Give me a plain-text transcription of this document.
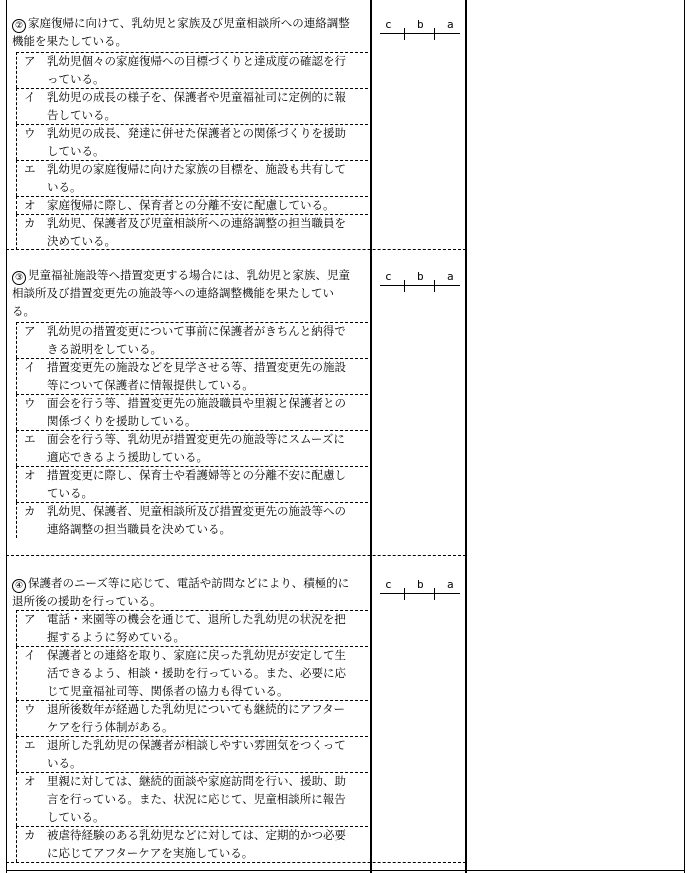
② 家庭復帰に向けて、乳幼児と家族及び児童相談所への連絡調整
機能を果たしている。
c b a
ア　乳幼児個々の家庭復帰への目標づくりと達成度の確認を行
　　っている。
イ　乳幼児の成長の様子を、保護者や児童福祉司に定例的に報
　　告している。
ウ　乳幼児の成長、発達に併せた保護者との関係づくりを援助
　　している。
エ　乳幼児の家庭復帰に向けた家族の目標を、施設も共有して
　　いる。
オ　家庭復帰に際し、保育者との分離不安に配慮している。
カ　乳幼児、保護者及び児童相談所への連絡調整の担当職員を
　　決めている。
③ 児童福祉施設等へ措置変更する場合には、乳幼児と家族、児童
相談所及び措置変更先の施設等への連絡調整機能を果たしてい
る。
c b a
ア　乳幼児の措置変更について事前に保護者がきちんと納得で
　　きる説明をしている。
イ　措置変更先の施設などを見学させる等、措置変更先の施設
　　等について保護者に情報提供している。
ウ　面会を行う等、措置変更先の施設職員や里親と保護者との
　　関係づくりを援助している。
エ　面会を行う等、乳幼児が措置変更先の施設等にスムーズに
　　適応できるよう援助している。
オ　措置変更に際し、保育士や看護婦等との分離不安に配慮し
　　ている。
カ　乳幼児、保護者、児童相談所及び措置変更先の施設等への
　　連絡調整の担当職員を決めている。
④ 保護者のニーズ等に応じて、電話や訪問などにより、積極的に
退所後の援助を行っている。
c b a
ア　電話・来園等の機会を通じて、退所した乳幼児の状況を把
　　握するように努めている。
イ　保護者との連絡を取り、家庭に戻った乳幼児が安定して生
　　活できるよう、相談・援助を行っている。また、必要に応
　　じて児童福祉司等、関係者の協力も得ている。
ウ　退所後数年が経過した乳幼児についても継続的にアフター
　　ケアを行う体制がある。
エ　退所した乳幼児の保護者が相談しやすい雰囲気をつくって
　　いる。
オ　里親に対しては、継続的面談や家庭訪問を行い、援助、助
　　言を行っている。また、状況に応じて、児童相談所に報告
　　している。
カ　被虐待経験のある乳幼児などに対しては、定期的かつ必要
　　に応じてアフターケアを実施している。
